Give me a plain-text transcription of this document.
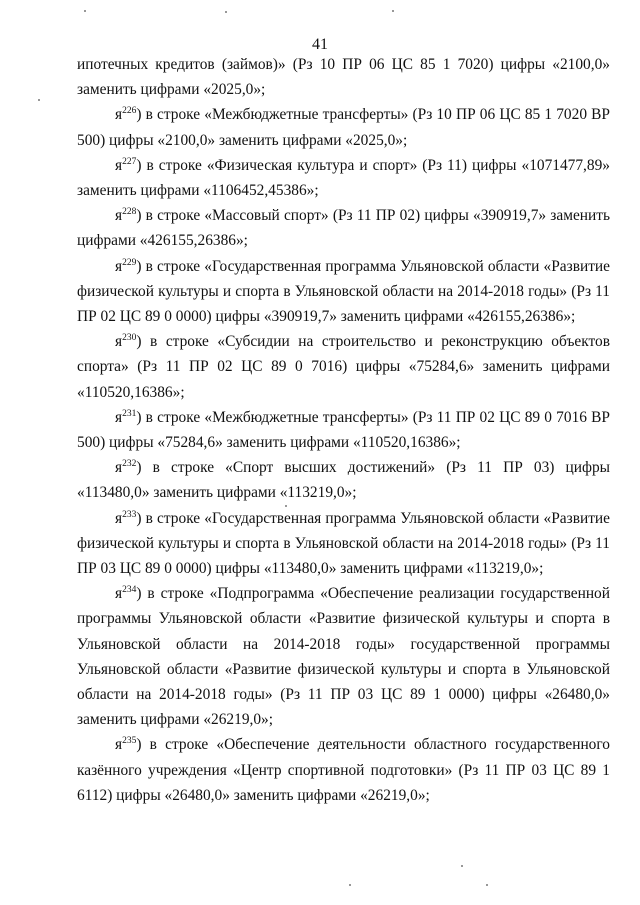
41

ипотечных кредитов (займов)» (Рз 10 ПР 06 ЦС 85 1 7020) цифры «2100,0» заменить цифрами «2025,0»;

$я^{226}$) в строке «Межбюджетные трансферты» (Рз 10 ПР 06 ЦС 85 1 7020 ВР 500) цифры «2100,0» заменить цифрами «2025,0»;

$я^{227}$) в строке «Физическая культура и спорт» (Рз 11) цифры «1071477,89» заменить цифрами «1106452,45386»;

$я^{228}$) в строке «Массовый спорт» (Рз 11 ПР 02) цифры «390919,7» заменить цифрами «426155,26386»;

$я^{229}$) в строке «Государственная программа Ульяновской области «Развитие физической культуры и спорта в Ульяновской области на 2014-2018 годы» (Рз 11 ПР 02 ЦС 89 0 0000) цифры «390919,7» заменить цифрами «426155,26386»;

$я^{230}$) в строке «Субсидии на строительство и реконструкцию объектов спорта» (Рз 11 ПР 02 ЦС 89 0 7016) цифры «75284,6» заменить цифрами «110520,16386»;

$я^{231}$) в строке «Межбюджетные трансферты» (Рз 11 ПР 02 ЦС 89 0 7016 ВР 500) цифры «75284,6» заменить цифрами «110520,16386»;

$я^{232}$) в строке «Спорт высших достижений» (Рз 11 ПР 03) цифры «113480,0» заменить цифрами «113219,0»;

$я^{233}$) в строке «Государственная программа Ульяновской области «Развитие физической культуры и спорта в Ульяновской области на 2014-2018 годы» (Рз 11 ПР 03 ЦС 89 0 0000) цифры «113480,0» заменить цифрами «113219,0»;

$я^{234}$) в строке «Подпрограмма «Обеспечение реализации государственной программы Ульяновской области «Развитие физической культуры и спорта в Ульяновской области на 2014-2018 годы» государственной программы Ульяновской области «Развитие физической культуры и спорта в Ульяновской области на 2014-2018 годы» (Рз 11 ПР 03 ЦС 89 1 0000) цифры «26480,0» заменить цифрами «26219,0»;

$я^{235}$) в строке «Обеспечение деятельности областного государственного казённого учреждения «Центр спортивной подготовки» (Рз 11 ПР 03 ЦС 89 1 6112) цифры «26480,0» заменить цифрами «26219,0»;
